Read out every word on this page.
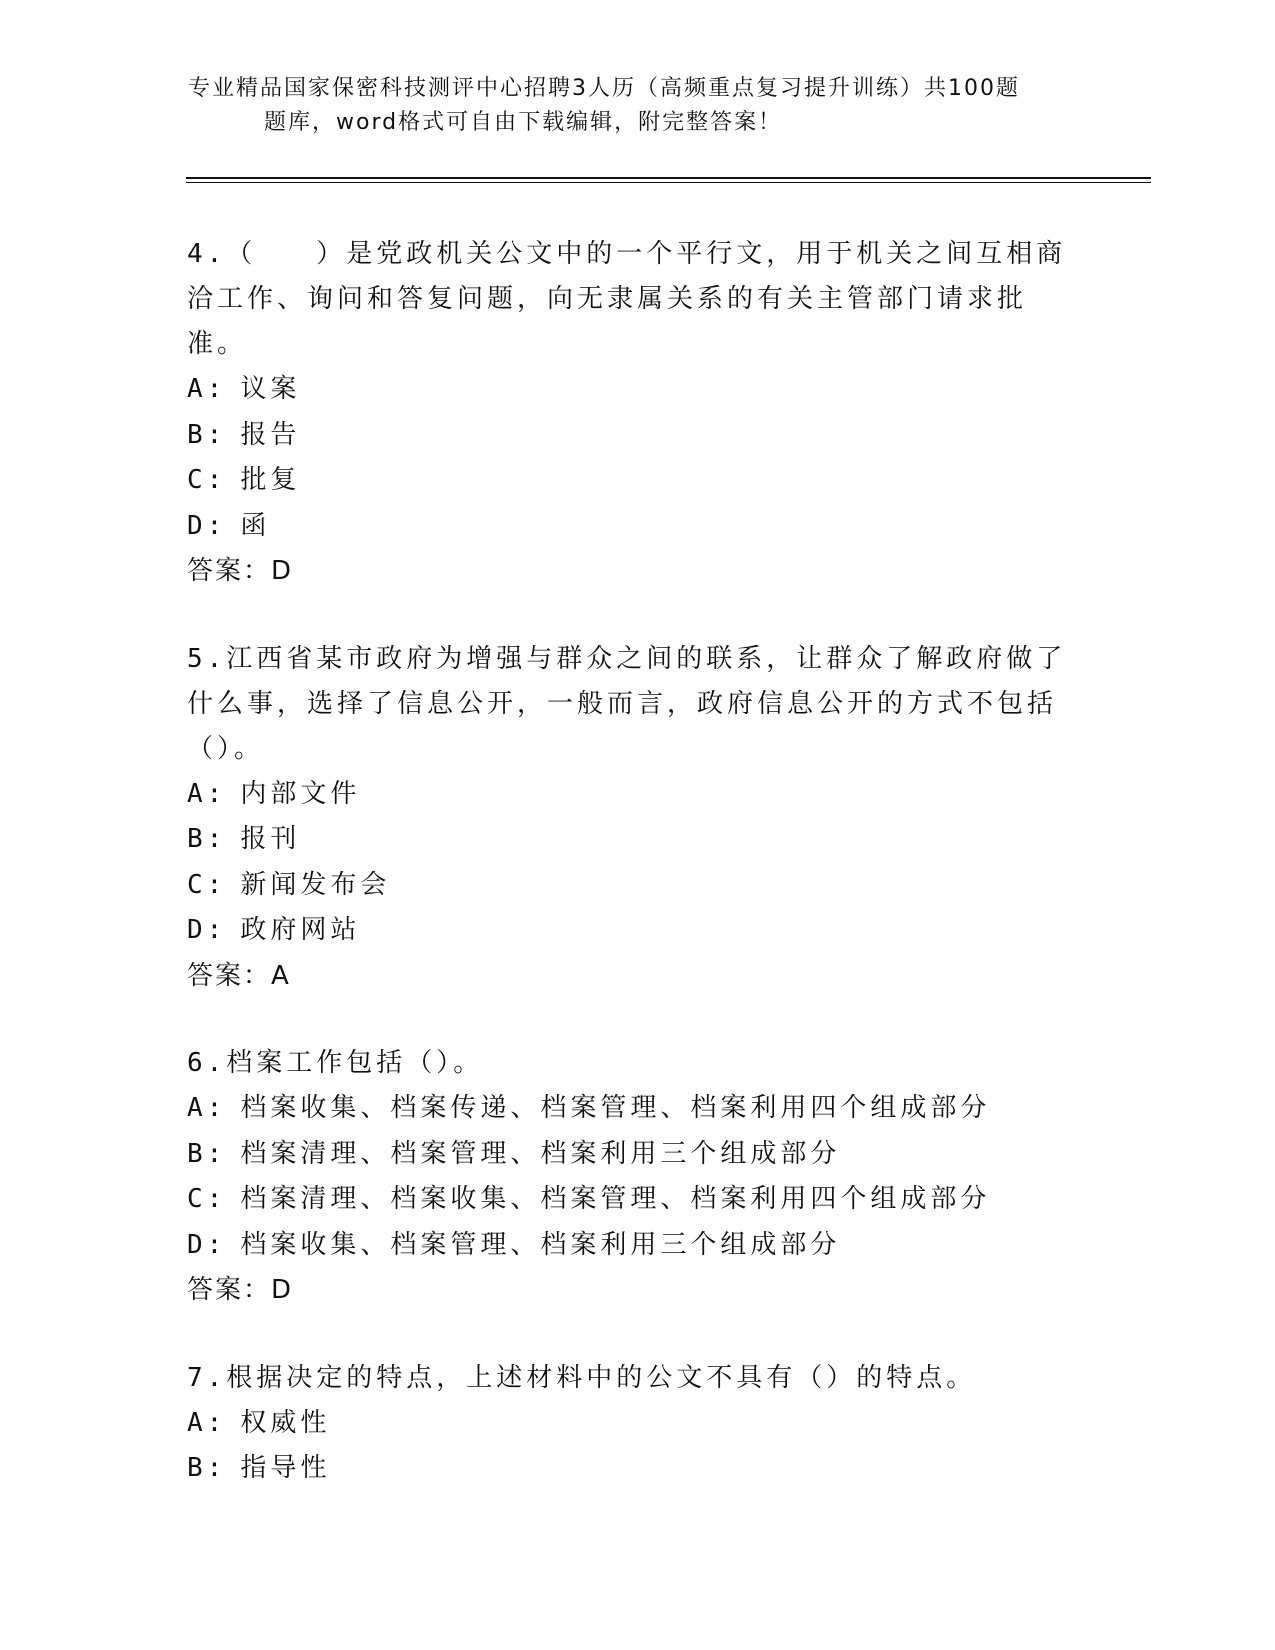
专业精品国家保密科技测评中心招聘3人历（高频重点复习提升训练）共100题
题库，word格式可自由下载编辑，附完整答案！

4.（　　）是党政机关公文中的一个平行文，用于机关之间互相商洽工作、询问和答复问题，向无隶属关系的有关主管部门请求批准。

A: 议案

B: 报告

C: 批复

D: 函

答案：D

5.江西省某市政府为增强与群众之间的联系，让群众了解政府做了什么事，选择了信息公开，一般而言，政府信息公开的方式不包括（）。

A: 内部文件

B: 报刊

C: 新闻发布会

D: 政府网站

答案：A

6.档案工作包括（）。

A: 档案收集、档案传递、档案管理、档案利用四个组成部分

B: 档案清理、档案管理、档案利用三个组成部分

C: 档案清理、档案收集、档案管理、档案利用四个组成部分

D: 档案收集、档案管理、档案利用三个组成部分

答案：D

7.根据决定的特点，上述材料中的公文不具有（）的特点。

A: 权威性

B: 指导性
